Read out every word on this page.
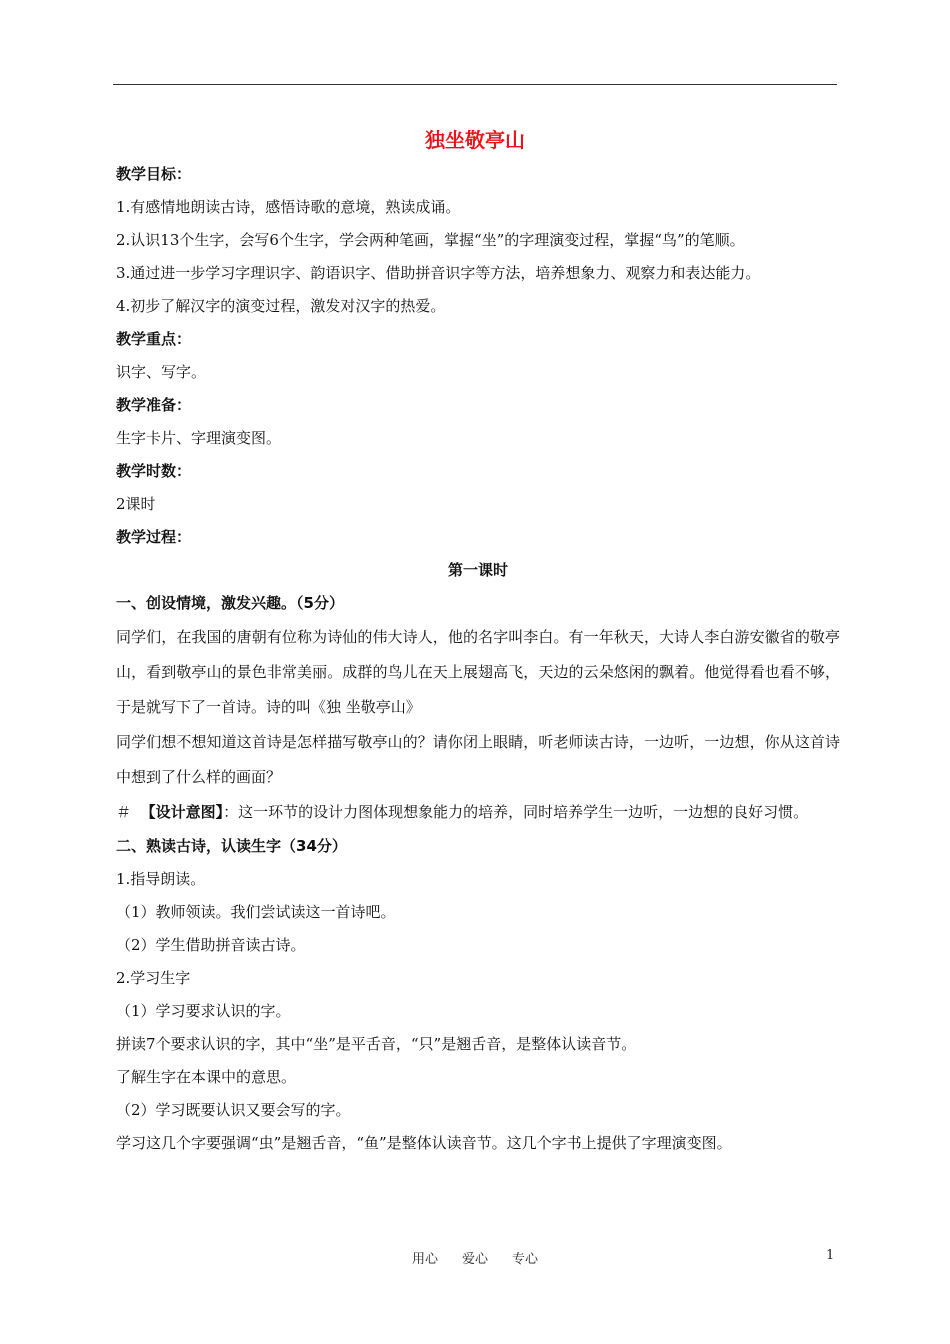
独坐敬亭山
教学目标：
1.有感情地朗读古诗，感悟诗歌的意境，熟读成诵。
2.认识13个生字，会写6个生字，学会两种笔画，掌握“坐”的字理演变过程，掌握“鸟”的笔顺。
3.通过进一步学习字理识字、韵语识字、借助拼音识字等方法，培养想象力、观察力和表达能力。
4.初步了解汉字的演变过程，激发对汉字的热爱。
教学重点：
识字、写字。
教学准备：
生字卡片、字理演变图。
教学时数：
2课时
教学过程：
第一课时
一、创设情境，激发兴趣。（5分）
同学们，在我国的唐朝有位称为诗仙的伟大诗人，他的名字叫李白。有一年秋天，大诗人李白游安徽省的敬亭山，看到敬亭山的景色非常美丽。成群的鸟儿在天上展翅高飞，天边的云朵悠闲的飘着。他觉得看也看不够，于是就写下了一首诗。诗的叫《独 坐敬亭山》
同学们想不想知道这首诗是怎样描写敬亭山的？请你闭上眼睛，听老师读古诗，一边听，一边想，你从这首诗中想到了什么样的画面？
＃ 【设计意图】：这一环节的设计力图体现想象能力的培养，同时培养学生一边听，一边想的良好习惯。
二、熟读古诗，认读生字（34分）
1.指导朗读。
（1）教师领读。我们尝试读这一首诗吧。
（2）学生借助拼音读古诗。
2.学习生字
（1）学习要求认识的字。
拼读7个要求认识的字，其中“坐”是平舌音，“只”是翘舌音，是整体认读音节。
了解生字在本课中的意思。
（2）学习既要认识又要会写的字。
学习这几个字要强调“虫”是翘舌音，“鱼”是整体认读音节。这几个字书上提供了字理演变图。
用心 爱心 专心	1
